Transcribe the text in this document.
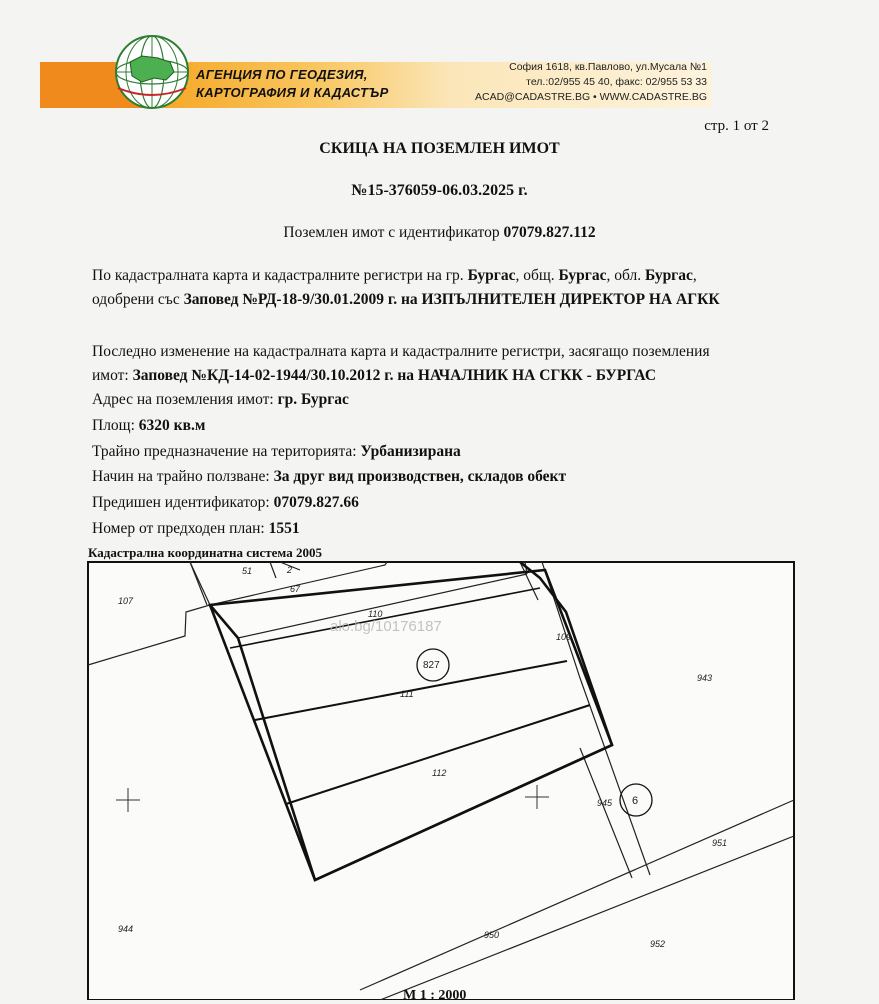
АГЕНЦИЯ ПО ГЕОДЕЗИЯ,
КАРТОГРАФИЯ И КАДАСТЪР
София 1618, кв.Павлово, ул.Мусала №1
тел.:02/955 45 40, факс: 02/955 53 33
ACAD@CADASTRE.BG • WWW.CADASTRE.BG
стр. 1 от 2
СКИЦА НА ПОЗЕМЛЕН ИМОТ
№15-376059-06.03.2025 г.
Поземлен имот с идентификатор 07079.827.112
По кадастралната карта и кадастралните регистри на гр. Бургас, общ. Бургас, обл. Бургас, одобрени със Заповед №РД-18-9/30.01.2009 г. на ИЗПЪЛНИТЕЛЕН ДИРЕКТОР НА АГКК
Последно изменение на кадастралната карта и кадастралните регистри, засягащо поземления имот: Заповед №КД-14-02-1944/30.10.2012 г. на НАЧАЛНИК НА СГКК - БУРГАС
Адрес на поземления имот: гр. Бургас
Площ: 6320 кв.м
Трайно предназначение на територията: Урбанизирана
Начин на трайно ползване: За друг вид производствен, складов обект
Предишен идентификатор: 07079.827.66
Номер от предходен план: 1551
Кадастрална координатна система 2005
107
51	2
67
110
109
827
111
943
112
945 6
951
944
950
952
alo.bg/10176187
М 1 : 2000
